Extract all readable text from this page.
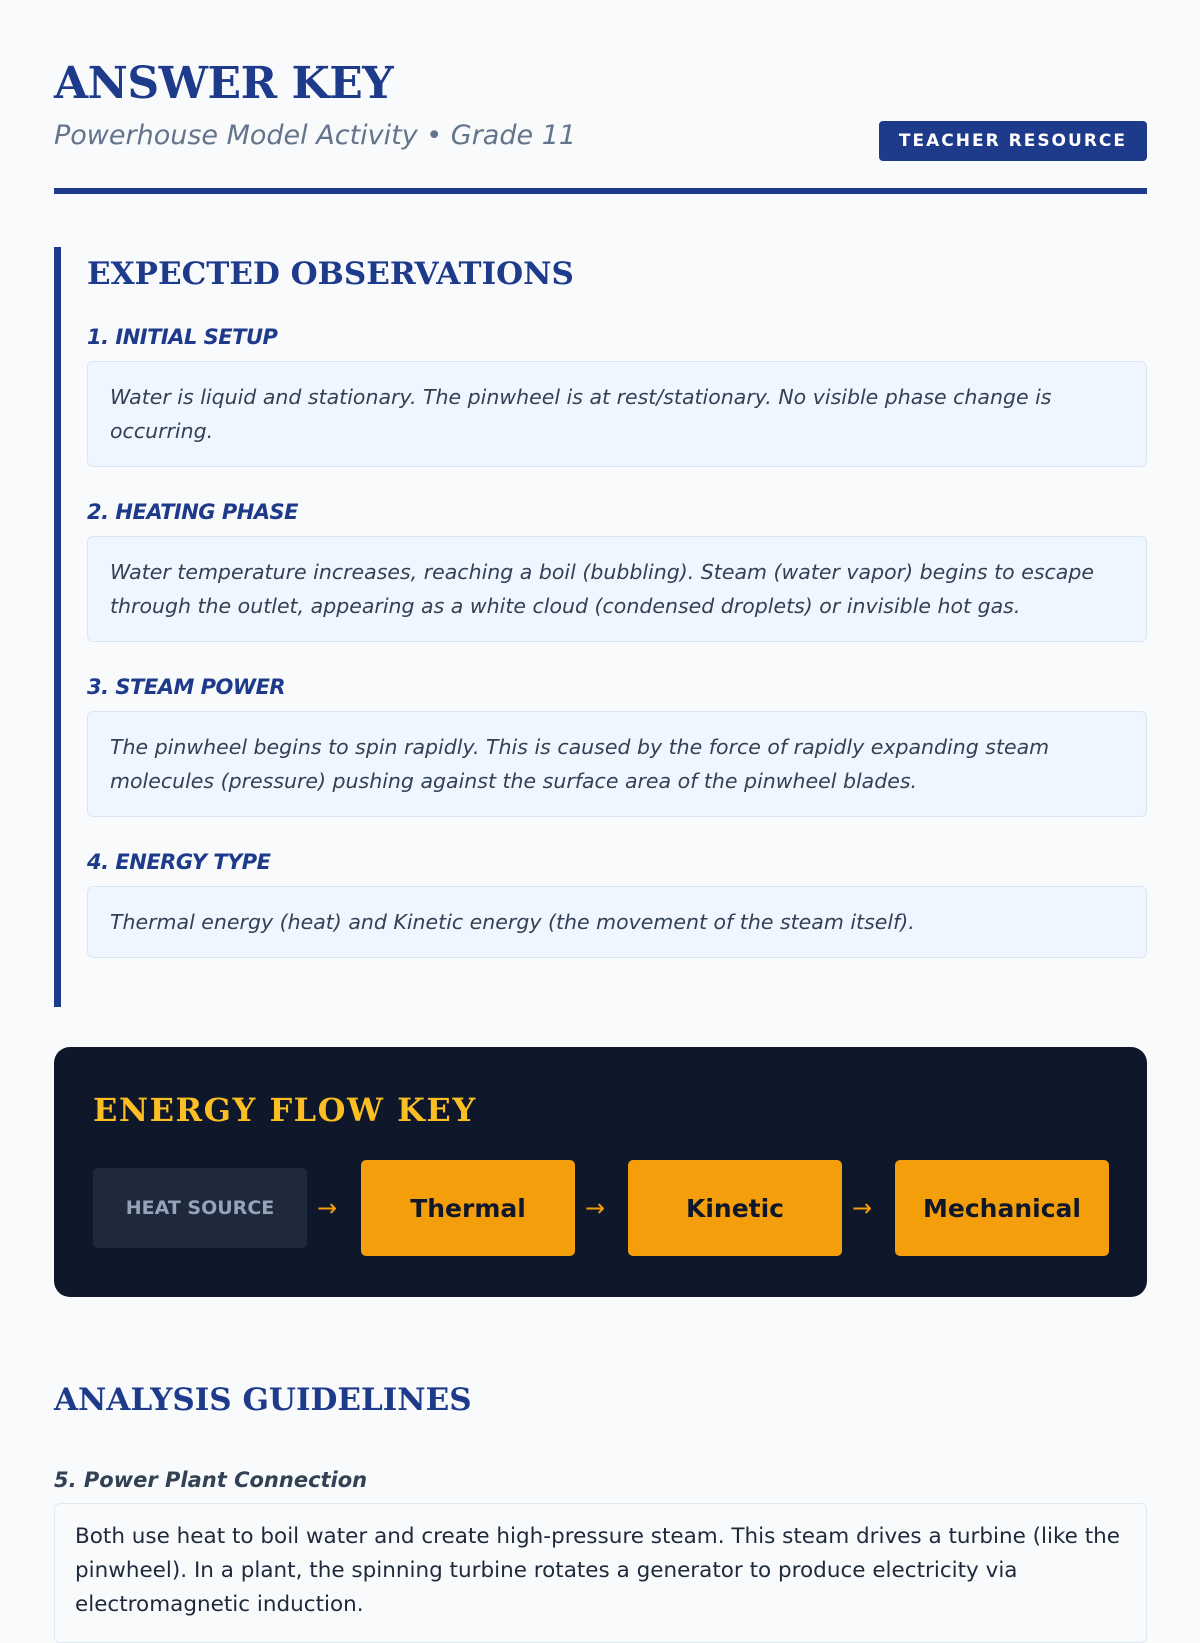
ANSWER KEY
Powerhouse Model Activity • Grade 11	TEACHER RESOURCE
EXPECTED OBSERVATIONS
1. INITIAL SETUP
Water is liquid and stationary. The pinwheel is at rest/stationary. No visible phase change is occurring.
2. HEATING PHASE
Water temperature increases, reaching a boil (bubbling). Steam (water vapor) begins to escape through the outlet, appearing as a white cloud (condensed droplets) or invisible hot gas.
3. STEAM POWER
The pinwheel begins to spin rapidly. This is caused by the force of rapidly expanding steam molecules (pressure) pushing against the surface area of the pinwheel blades.
4. ENERGY TYPE
Thermal energy (heat) and Kinetic energy (the movement of the steam itself).
ENERGY FLOW KEY
HEAT SOURCE	→	Thermal	→	Kinetic	→	Mechanical
ANALYSIS GUIDELINES
5. Power Plant Connection
Both use heat to boil water and create high-pressure steam. This steam drives a turbine (like the pinwheel). In a plant, the spinning turbine rotates a generator to produce electricity via electromagnetic induction.
